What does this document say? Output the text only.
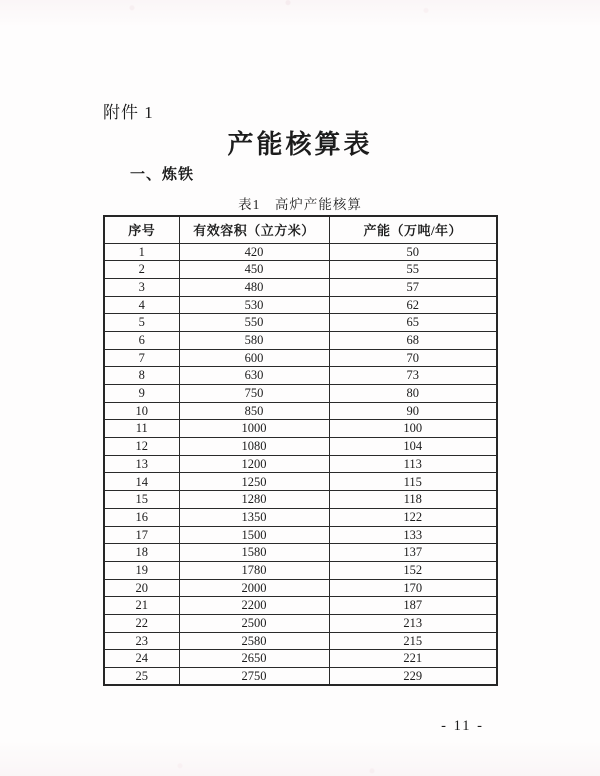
附件 1
产能核算表
一、炼铁
表1　高炉产能核算
序号	有效容积（立方米）	产能（万吨/年）
1	420	50
2	450	55
3	480	57
4	530	62
5	550	65
6	580	68
7	600	70
8	630	73
9	750	80
10	850	90
11	1000	100
12	1080	104
13	1200	113
14	1250	115
15	1280	118
16	1350	122
17	1500	133
18	1580	137
19	1780	152
20	2000	170
21	2200	187
22	2500	213
23	2580	215
24	2650	221
25	2750	229
- 11 -
